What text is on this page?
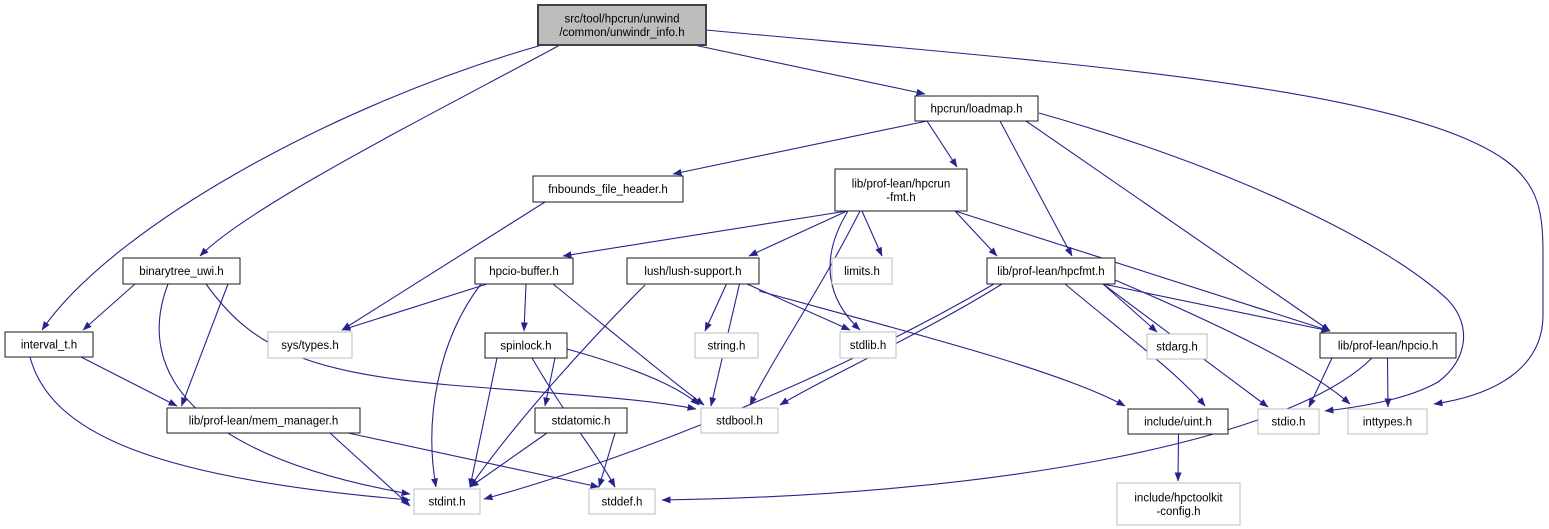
src/tool/hpcrun/unwind /common/unwindr_info.h
hpcrun/loadmap.h
fnbounds_file_header.h	lib/prof-lean/hpcrun -fmt.h
binarytree_uwi.h	hpcio-buffer.h	lush/lush-support.h	limits.h	lib/prof-lean/hpcfmt.h
interval_t.h	sys/types.h	spinlock.h	string.h	stdlib.h	stdarg.h	lib/prof-lean/hpcio.h
lib/prof-lean/mem_manager.h	stdatomic.h	stdbool.h	include/uint.h	stdio.h	inttypes.h
stdint.h	stddef.h	include/hpctoolkit -config.h
